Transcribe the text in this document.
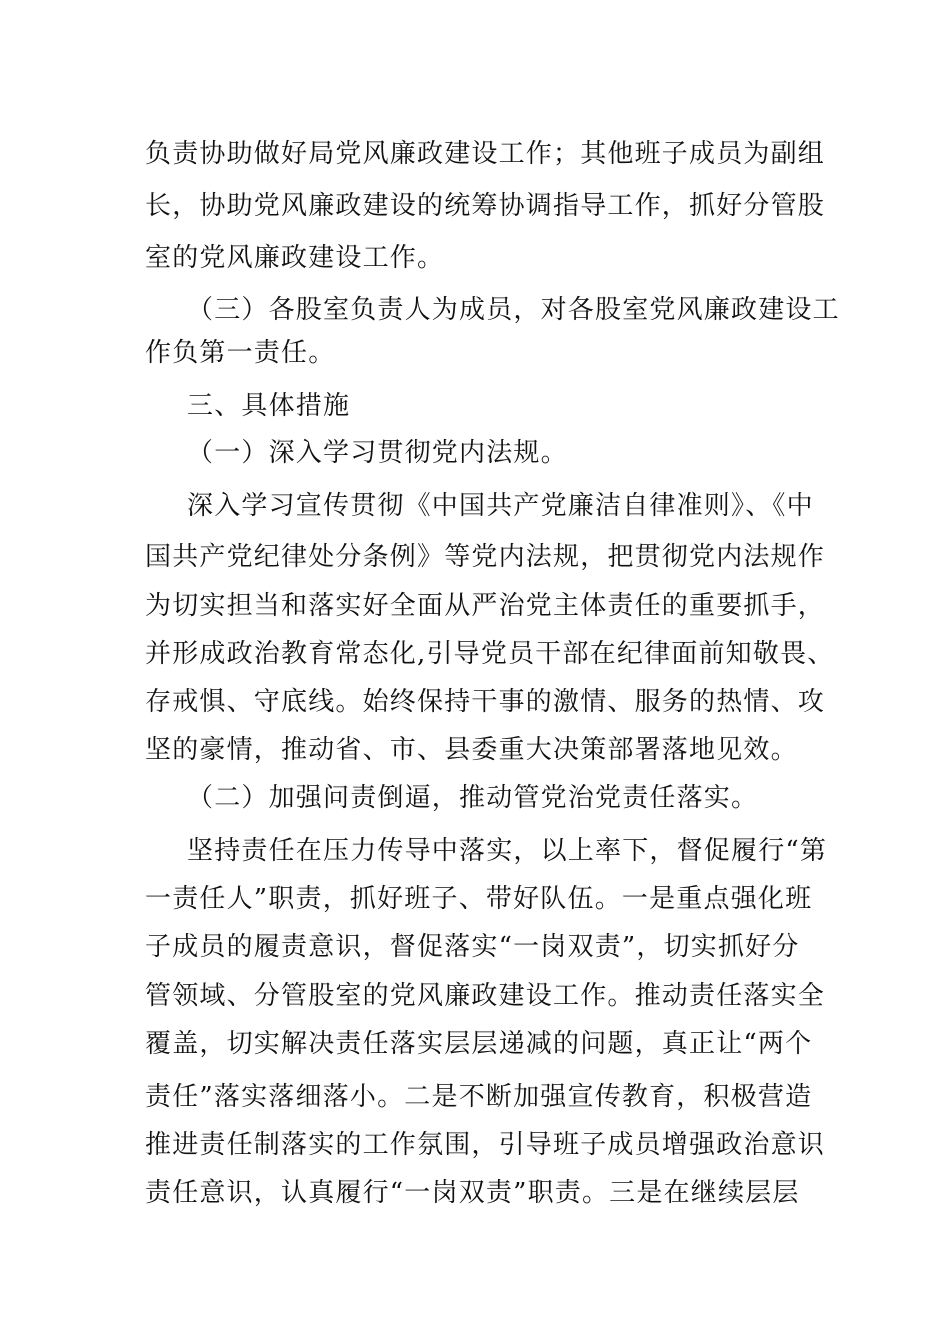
负责协助做好局党风廉政建设工作；其他班子成员为副组
长，协助党风廉政建设的统筹协调指导工作，抓好分管股
室的党风廉政建设工作。
（三）各股室负责人为成员，对各股室党风廉政建设工
作负第一责任。
三、具体措施
（一）深入学习贯彻党内法规。
深入学习宣传贯彻《中国共产党廉洁自律准则》、《中
国共产党纪律处分条例》等党内法规，把贯彻党内法规作
为切实担当和落实好全面从严治党主体责任的重要抓手，
并形成政治教育常态化,引导党员干部在纪律面前知敬畏、
存戒惧、守底线。始终保持干事的激情、服务的热情、攻
坚的豪情，推动省、市、县委重大决策部署落地见效。
（二）加强问责倒逼，推动管党治党责任落实。
坚持责任在压力传导中落实，以上率下，督促履行“第
一责任人”职责，抓好班子、带好队伍。一是重点强化班
子成员的履责意识，督促落实“一岗双责”，切实抓好分
管领域、分管股室的党风廉政建设工作。推动责任落实全
覆盖，切实解决责任落实层层递减的问题，真正让“两个
责任”落实落细落小。二是不断加强宣传教育，积极营造
推进责任制落实的工作氛围，引导班子成员增强政治意识
责任意识，认真履行“一岗双责”职责。三是在继续层层
